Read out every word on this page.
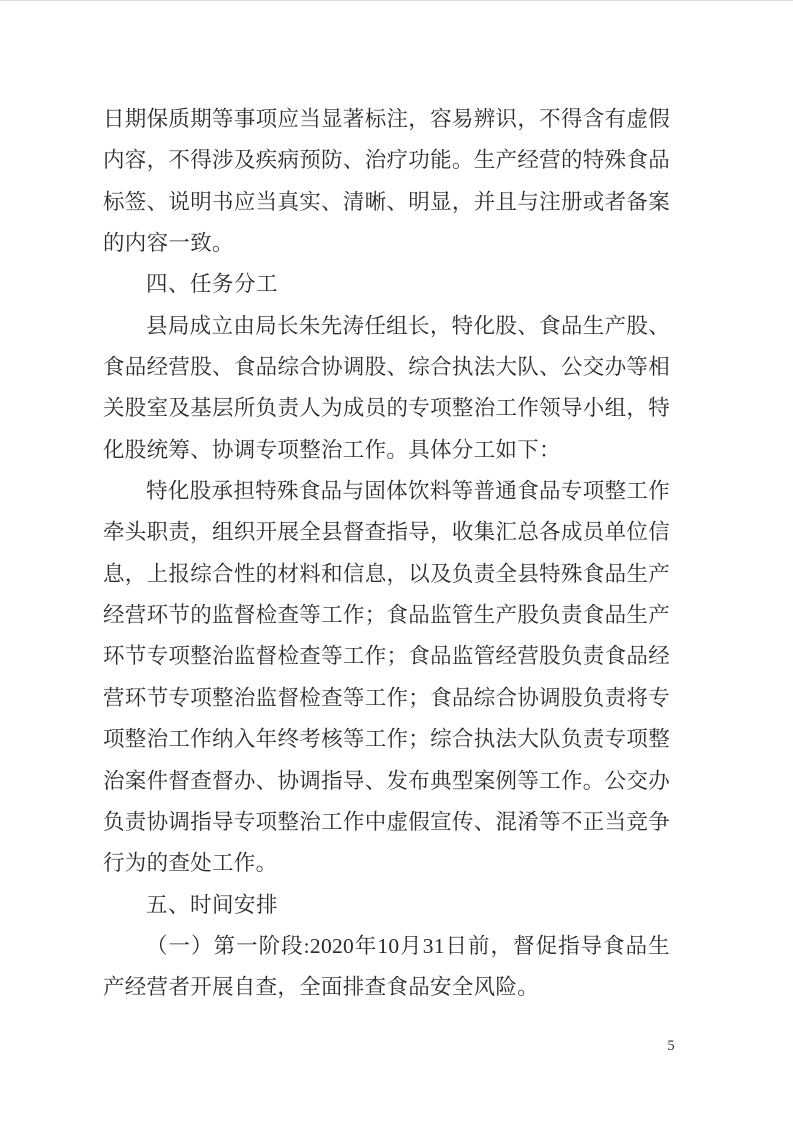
日期保质期等事项应当显著标注，容易辨识，不得含有虚假内容，不得涉及疾病预防、治疗功能。生产经营的特殊食品标签、说明书应当真实、清晰、明显，并且与注册或者备案的内容一致。

四、任务分工

县局成立由局长朱先涛任组长，特化股、食品生产股、食品经营股、食品综合协调股、综合执法大队、公交办等相关股室及基层所负责人为成员的专项整治工作领导小组，特化股统筹、协调专项整治工作。具体分工如下：

特化股承担特殊食品与固体饮料等普通食品专项整工作牵头职责，组织开展全县督查指导，收集汇总各成员单位信息，上报综合性的材料和信息，以及负责全县特殊食品生产经营环节的监督检查等工作；食品监管生产股负责食品生产环节专项整治监督检查等工作；食品监管经营股负责食品经营环节专项整治监督检查等工作；食品综合协调股负责将专项整治工作纳入年终考核等工作；综合执法大队负责专项整治案件督查督办、协调指导、发布典型案例等工作。公交办负责协调指导专项整治工作中虚假宣传、混淆等不正当竞争行为的查处工作。

五、时间安排

（一）第一阶段:2020年10月31日前，督促指导食品生产经营者开展自查，全面排查食品安全风险。

5
